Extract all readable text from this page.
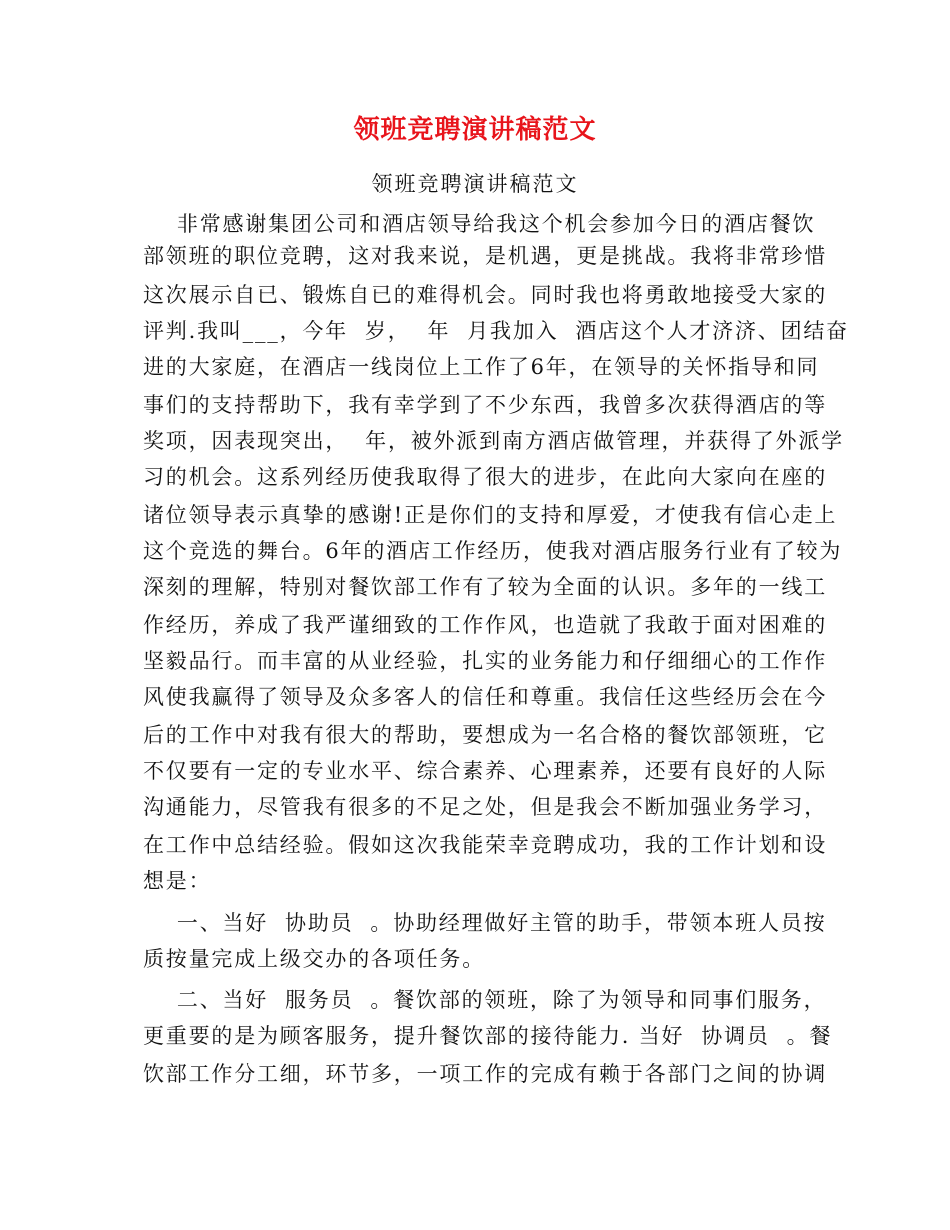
领班竞聘演讲稿范文
领班竞聘演讲稿范文
非常感谢集团公司和酒店领导给我这个机会参加今日的酒店餐饮
部领班的职位竞聘，这对我来说，是机遇，更是挑战。我将非常珍惜
这次展示自已、锻炼自已的难得机会。同时我也将勇敢地接受大家的
评判.我叫___，今年  岁，  年  月我加入  酒店这个人才济济、团结奋
进的大家庭，在酒店一线岗位上工作了6年，在领导的关怀指导和同
事们的支持帮助下，我有幸学到了不少东西，我曾多次获得酒店的等
奖项，因表现突出，  年，被外派到南方酒店做管理，并获得了外派学
习的机会。这系列经历使我取得了很大的进步，在此向大家向在座的
诸位领导表示真挚的感谢!正是你们的支持和厚爱，才使我有信心走上
这个竞选的舞台。6年的酒店工作经历，使我对酒店服务行业有了较为
深刻的理解，特别对餐饮部工作有了较为全面的认识。多年的一线工
作经历，养成了我严谨细致的工作作风，也造就了我敢于面对困难的
坚毅品行。而丰富的从业经验，扎实的业务能力和仔细细心的工作作
风使我赢得了领导及众多客人的信任和尊重。我信任这些经历会在今
后的工作中对我有很大的帮助，要想成为一名合格的餐饮部领班，它
不仅要有一定的专业水平、综合素养、心理素养，还要有良好的人际
沟通能力，尽管我有很多的不足之处，但是我会不断加强业务学习，
在工作中总结经验。假如这次我能荣幸竞聘成功，我的工作计划和设
想是：
一、当好  协助员  。协助经理做好主管的助手，带领本班人员按
质按量完成上级交办的各项任务。
二、当好  服务员  。餐饮部的领班，除了为领导和同事们服务，
更重要的是为顾客服务，提升餐饮部的接待能力. 当好  协调员  。餐
饮部工作分工细，环节多，一项工作的完成有赖于各部门之间的协调
